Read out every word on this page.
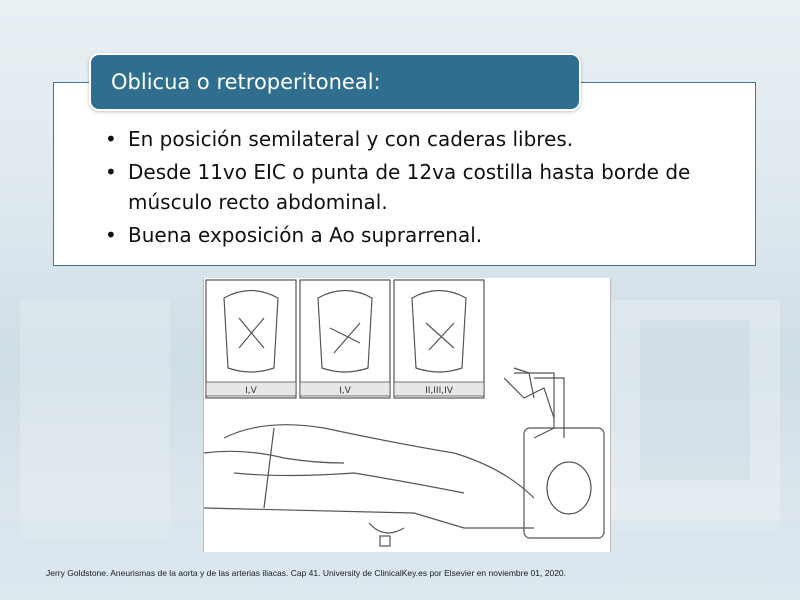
Oblicua o retroperitoneal:
• En posición semilateral y con caderas libres.
• Desde 11vo EIC o punta de 12va costilla hasta borde de músculo recto abdominal.
• Buena exposición a Ao suprarrenal.
I,V	I,V	II,III,IV
Jerry Goldstone. Aneurismas de la aorta y de las arterias iliacas. Cap 41. University de ClinicalKey.es por Elsevier en noviembre 01, 2020.
